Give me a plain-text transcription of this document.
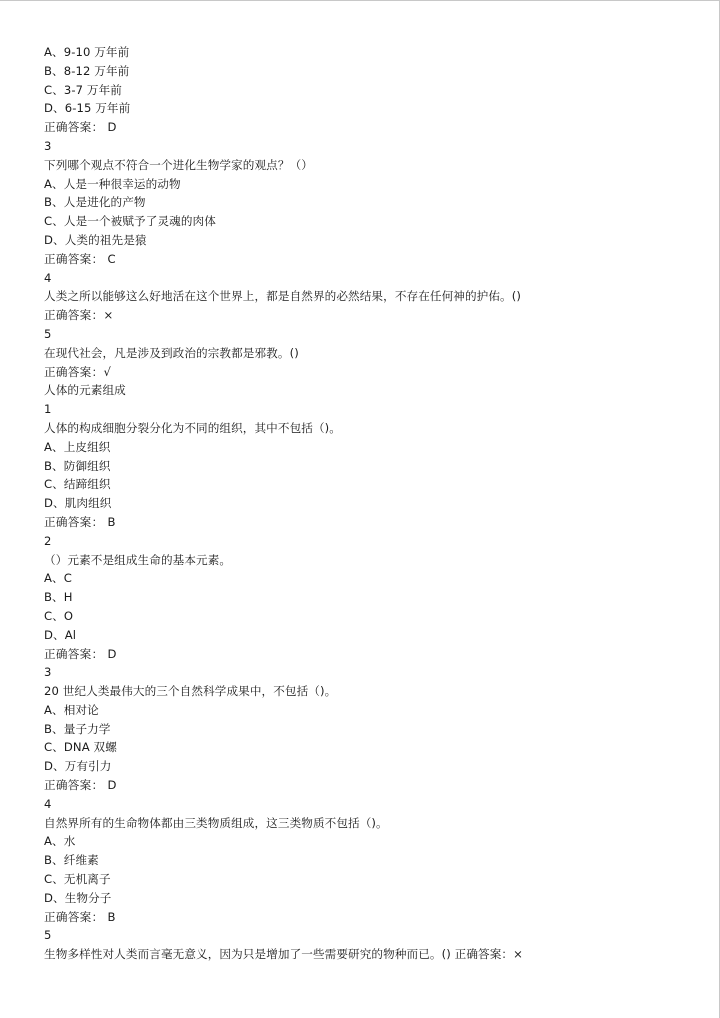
A、9-10 万年前
B、8-12 万年前
C、3-7 万年前
D、6-15 万年前
正确答案： D
3
下列哪个观点不符合一个进化生物学家的观点？（）
A、人是一种很幸运的动物
B、人是进化的产物
C、人是一个被赋予了灵魂的肉体
D、人类的祖先是猿
正确答案： C
4
人类之所以能够这么好地活在这个世界上，都是自然界的必然结果，不存在任何神的护佑。()
正确答案：×
5
在现代社会，凡是涉及到政治的宗教都是邪教。()
正确答案：√
人体的元素组成
1
人体的构成细胞分裂分化为不同的组织，其中不包括（)。
A、上皮组织
B、防御组织
C、结蹄组织
D、肌肉组织
正确答案： B
2
（）元素不是组成生命的基本元素。
A、C
B、H
C、O
D、Al
正确答案： D
3
20 世纪人类最伟大的三个自然科学成果中，不包括（)。
A、相对论
B、量子力学
C、DNA 双螺
D、万有引力
正确答案： D
4
自然界所有的生命物体都由三类物质组成，这三类物质不包括（)。
A、水
B、纤维素
C、无机离子
D、生物分子
正确答案： B
5
生物多样性对人类而言毫无意义，因为只是增加了一些需要研究的物种而已。() 正确答案：×
